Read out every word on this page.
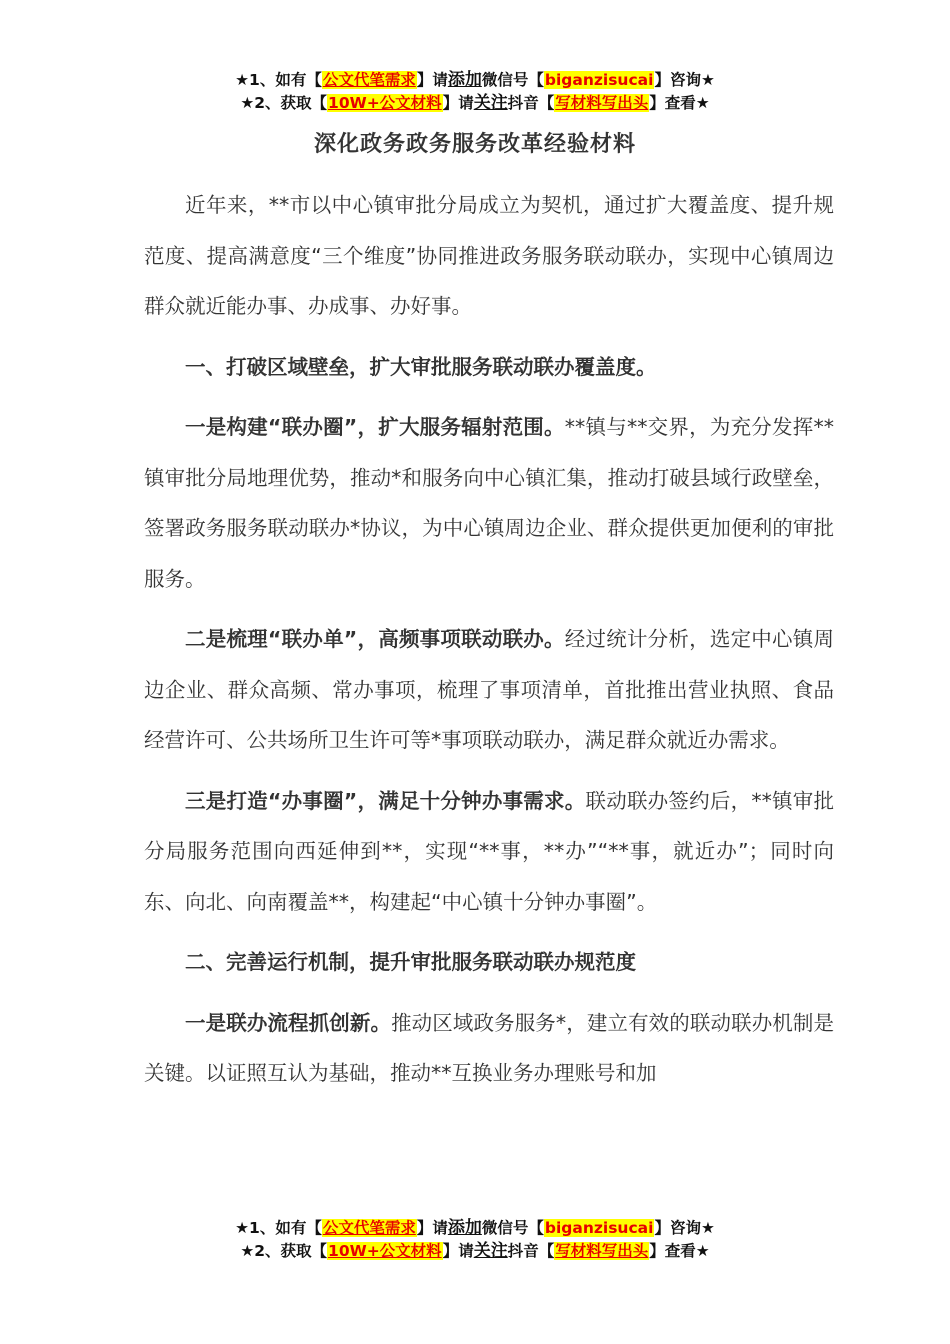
★1、如有【公文代笔需求】请添加微信号【biganzisucai】咨询★
★2、获取【10W+公文材料】请关注抖音【写材料写出头】查看★
深化政务政务服务改革经验材料

近年来，**市以中心镇审批分局成立为契机，通过扩大覆盖度、提升规范度、提高满意度“三个维度”协同推进政务服务联动联办，实现中心镇周边群众就近能办事、办成事、办好事。

一、打破区域壁垒，扩大审批服务联动联办覆盖度。

一是构建“联办圈”，扩大服务辐射范围。**镇与**交界，为充分发挥**镇审批分局地理优势，推动*和服务向中心镇汇集，推动打破县域行政壁垒，签署政务服务联动联办*协议，为中心镇周边企业、群众提供更加便利的审批服务。

二是梳理“联办单”，高频事项联动联办。经过统计分析，选定中心镇周边企业、群众高频、常办事项，梳理了事项清单，首批推出营业执照、食品经营许可、公共场所卫生许可等*事项联动联办，满足群众就近办需求。

三是打造“办事圈”，满足十分钟办事需求。联动联办签约后，**镇审批分局服务范围向西延伸到**，实现“**事，**办”“**事，就近办”；同时向东、向北、向南覆盖**，构建起“中心镇十分钟办事圈”。

二、完善运行机制，提升审批服务联动联办规范度

一是联办流程抓创新。推动区域政务服务*，建立有效的联动联办机制是关键。以证照互认为基础，推动**互换业务办理账号和加

★1、如有【公文代笔需求】请添加微信号【biganzisucai】咨询★
★2、获取【10W+公文材料】请关注抖音【写材料写出头】查看★
